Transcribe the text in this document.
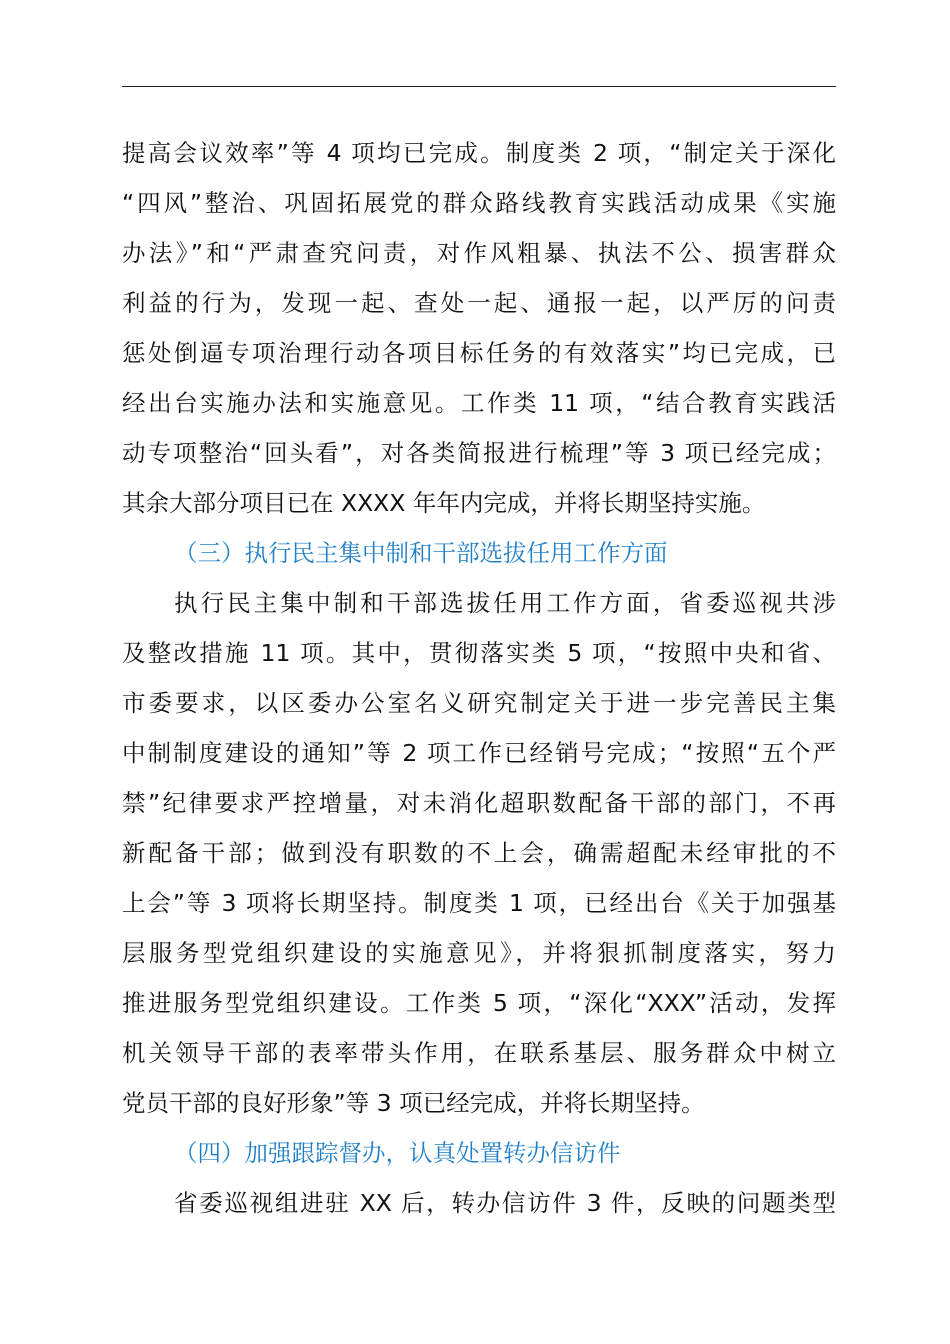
提高会议效率”等 4 项均已完成。制度类 2 项，“制定关于深化
“四风”整治、巩固拓展党的群众路线教育实践活动成果《实施
办法》”和“严肃查究问责，对作风粗暴、执法不公、损害群众
利益的行为，发现一起、查处一起、通报一起，以严厉的问责
惩处倒逼专项治理行动各项目标任务的有效落实”均已完成，已
经出台实施办法和实施意见。工作类 11 项，“结合教育实践活
动专项整治“回头看”，对各类简报进行梳理”等 3 项已经完成；
其余大部分项目已在 XXXX 年年内完成，并将长期坚持实施。
（三）执行民主集中制和干部选拔任用工作方面
执行民主集中制和干部选拔任用工作方面，省委巡视共涉
及整改措施 11 项。其中，贯彻落实类 5 项，“按照中央和省、
市委要求，以区委办公室名义研究制定关于进一步完善民主集
中制制度建设的通知”等 2 项工作已经销号完成；“按照“五个严
禁”纪律要求严控增量，对未消化超职数配备干部的部门，不再
新配备干部；做到没有职数的不上会，确需超配未经审批的不
上会”等 3 项将长期坚持。制度类 1 项，已经出台《关于加强基
层服务型党组织建设的实施意见》，并将狠抓制度落实，努力
推进服务型党组织建设。工作类 5 项，“深化“XXX”活动，发挥
机关领导干部的表率带头作用，在联系基层、服务群众中树立
党员干部的良好形象”等 3 项已经完成，并将长期坚持。
（四）加强跟踪督办，认真处置转办信访件
省委巡视组进驻 XX 后，转办信访件 3 件，反映的问题类型
